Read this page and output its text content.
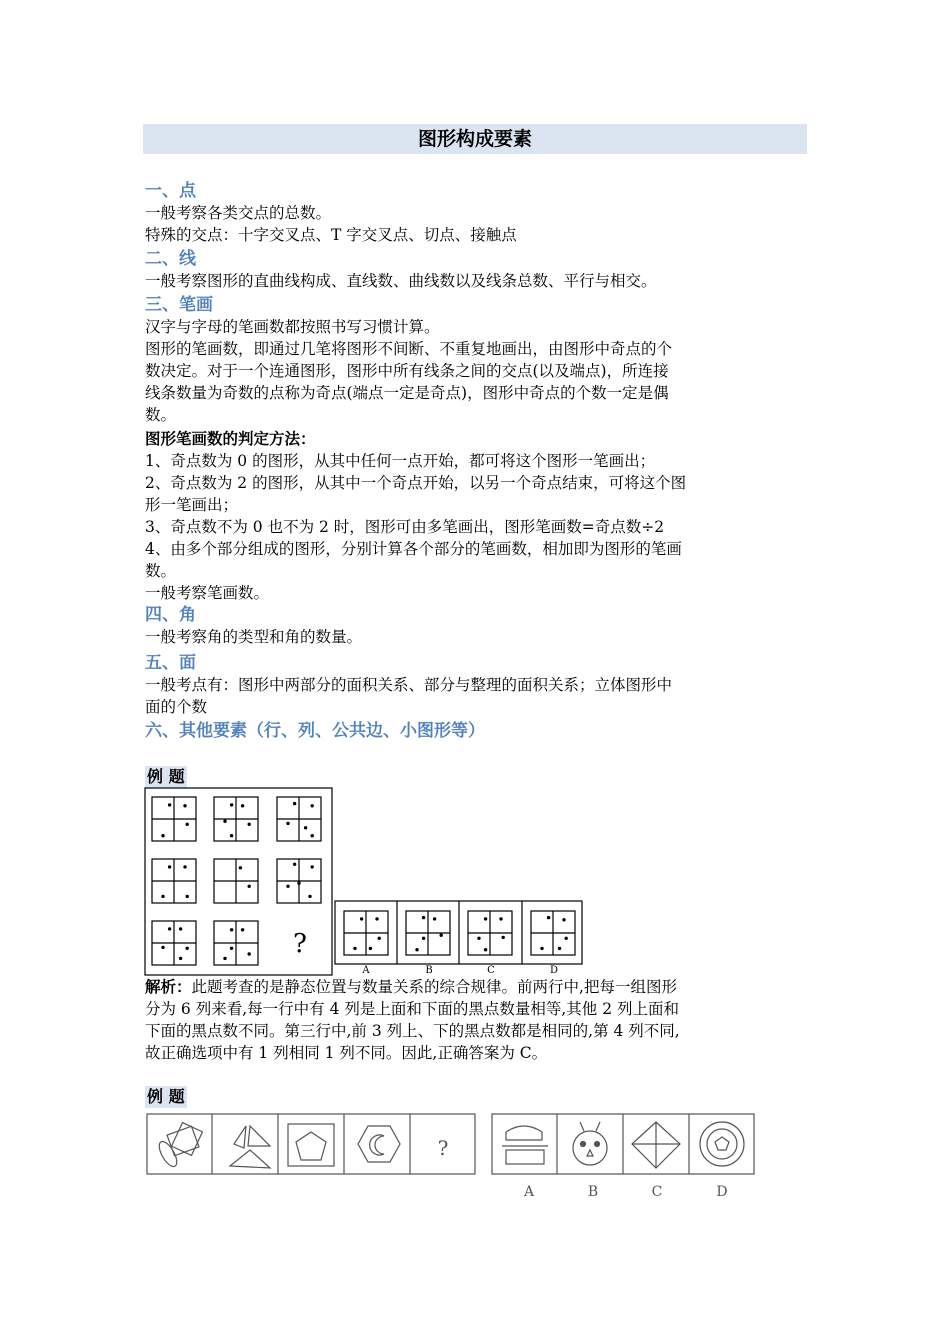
图形构成要素
一、点
一般考察各类交点的总数。
特殊的交点：十字交叉点、T 字交叉点、切点、接触点
二、线
一般考察图形的直曲线构成、直线数、曲线数以及线条总数、平行与相交。
三、笔画
汉字与字母的笔画数都按照书写习惯计算。
图形的笔画数，即通过几笔将图形不间断、不重复地画出，由图形中奇点的个
数决定。对于一个连通图形，图形中所有线条之间的交点(以及端点)，所连接
线条数量为奇数的点称为奇点(端点一定是奇点)，图形中奇点的个数一定是偶
数。
图形笔画数的判定方法：
1、奇点数为 0 的图形，从其中任何一点开始，都可将这个图形一笔画出；
2、奇点数为 2 的图形，从其中一个奇点开始，以另一个奇点结束，可将这个图
形一笔画出；
3、奇点数不为 0 也不为 2 时，图形可由多笔画出，图形笔画数=奇点数÷2
4、由多个部分组成的图形，分别计算各个部分的笔画数，相加即为图形的笔画
数。
一般考察笔画数。
四、角
一般考察角的类型和角的数量。
五、面
一般考点有：图形中两部分的面积关系、部分与整理的面积关系；立体图形中
面的个数
六、其他要素（行、列、公共边、小图形等）
例 题
?
A	B	C	D
解析：此题考查的是静态位置与数量关系的综合规律。前两行中,把每一组图形
分为 6 列来看,每一行中有 4 列是上面和下面的黑点数量相等,其他 2 列上面和
下面的黑点数不同。第三行中,前 3 列上、下的黑点数都是相同的,第 4 列不同,
故正确选项中有 1 列相同 1 列不同。因此,正确答案为 C。
例 题
?
A	B	C	D
